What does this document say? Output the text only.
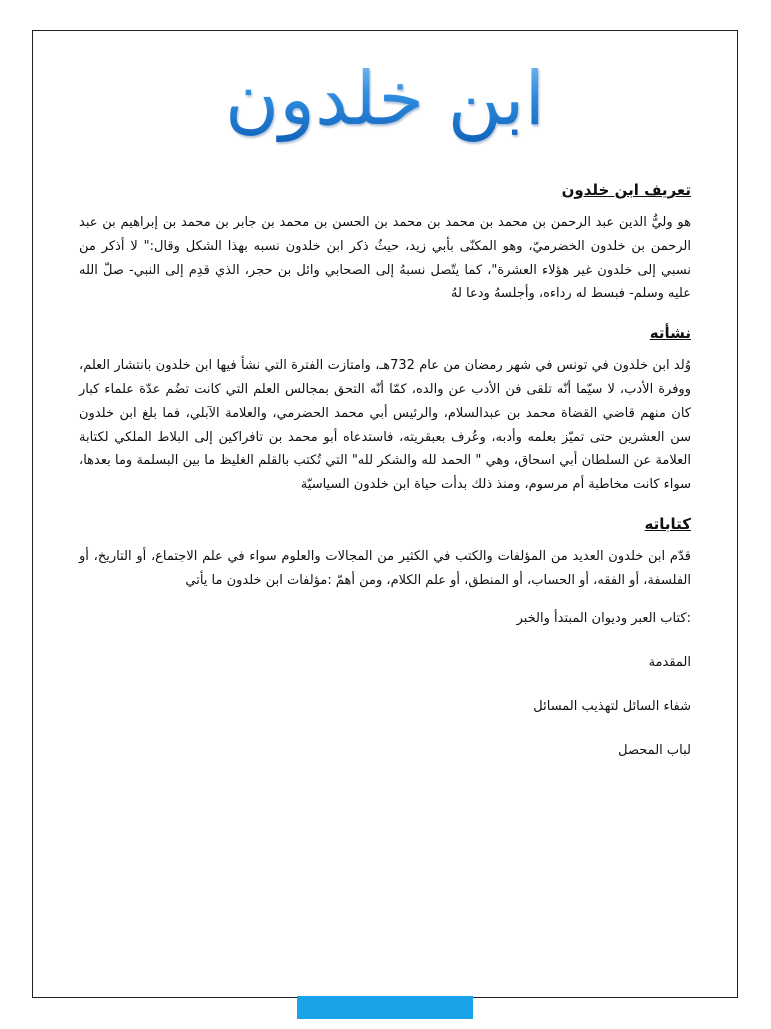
ابن خلدون
تعريف ابن خلدون

هو وليُّ الدين عبد الرحمن بن محمد بن محمد بن محمد بن الحسن بن محمد بن جابر بن محمد بن إبراهيم بن عبد الرحمن بن خلدون الخضرميّ، وهو المكنّى بأبي زيد، حيثُ ذكر ابن خلدون نسبه بهذا الشكل وقال:" لا أذكر من نسبي إلى خلدون غير هؤلاء العشرة"، كما يتّصل نسبهُ إلى الصحابي وائل بن حجر، الذي قدِم إلى النبي- صلّ الله عليه وسلم- فبسط له رداءه، وأجلسهُ ودعا لهُ

نشأته

وُلد ابن خلدون في تونس في شهر رمضان من عام 732هـ، وامتازت الفترة التي نشأ فيها ابن خلدون بانتشار العلم، ووفرة الأدب، لا سيّما أنّه تلقى فن الأدب عن والده، كمّا أنّه التحق بمجالس العلم التي كانت تضُم عدّة علماء كبار كان منهم قاضي القضاة محمد بن عبدالسلام، والرئيس أبي محمد الحضرمي، والعلامة الآبلي، فما بلغ ابن خلدون سن العشرين حتى تميّز بعلمه وأدبه، وعُرف بعبقريته، فاستدعاه أبو محمد بن تافراكين إلى البلاط الملكي لكتابة العلامة عن السلطان أبي اسحاق، وهي " الحمد لله والشكر لله" التي تُكتب بالقلم الغليظ ما بين البسلمة وما بعدها، سواء كانت مخاطبة أم مرسوم، ومنذ ذلك بدأت حياة ابن خلدون السياسيّة

كتاباته

قدّم ابن خلدون العديد من المؤلفات والكتب في الكثير من المجالات والعلوم سواء في علم الاجتماع، أو التاريخ، أو الفلسفة، أو الفقه، أو الحساب، أو المنطق، أو علم الكلام، ومن أهمّ :مؤلفات ابن خلدون ما يأتي

:كتاب العبر وديوان المبتدأ والخبر
المقدمة
شفاء السائل لتهذيب المسائل
لباب المحصل
